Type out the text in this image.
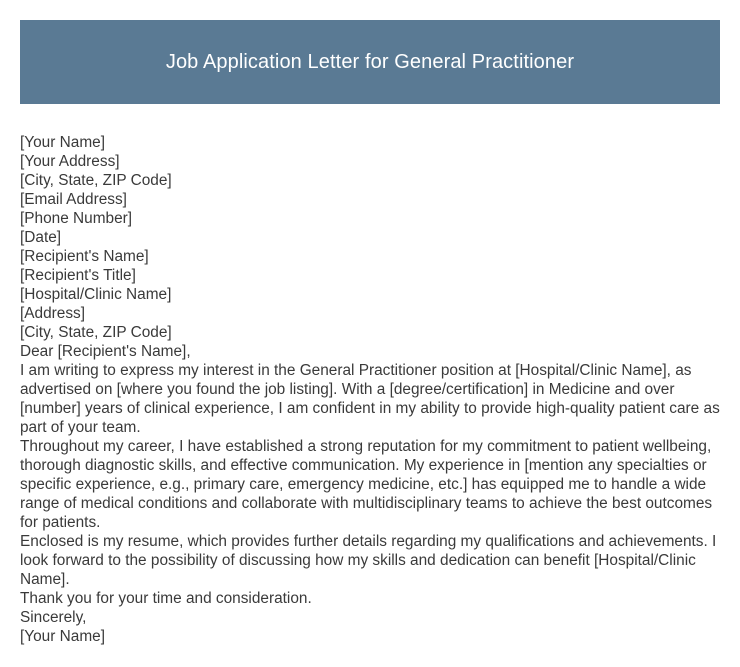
Job Application Letter for General Practitioner
[Your Name]
[Your Address]
[City, State, ZIP Code]
[Email Address]
[Phone Number]
[Date]
[Recipient's Name]
[Recipient's Title]
[Hospital/Clinic Name]
[Address]
[City, State, ZIP Code]
Dear [Recipient's Name],
I am writing to express my interest in the General Practitioner position at [Hospital/Clinic Name], as advertised on [where you found the job listing]. With a [degree/certification] in Medicine and over [number] years of clinical experience, I am confident in my ability to provide high-quality patient care as part of your team.
Throughout my career, I have established a strong reputation for my commitment to patient wellbeing, thorough diagnostic skills, and effective communication. My experience in [mention any specialties or specific experience, e.g., primary care, emergency medicine, etc.] has equipped me to handle a wide range of medical conditions and collaborate with multidisciplinary teams to achieve the best outcomes for patients.
Enclosed is my resume, which provides further details regarding my qualifications and achievements. I look forward to the possibility of discussing how my skills and dedication can benefit [Hospital/Clinic Name].
Thank you for your time and consideration.
Sincerely,
[Your Name]
